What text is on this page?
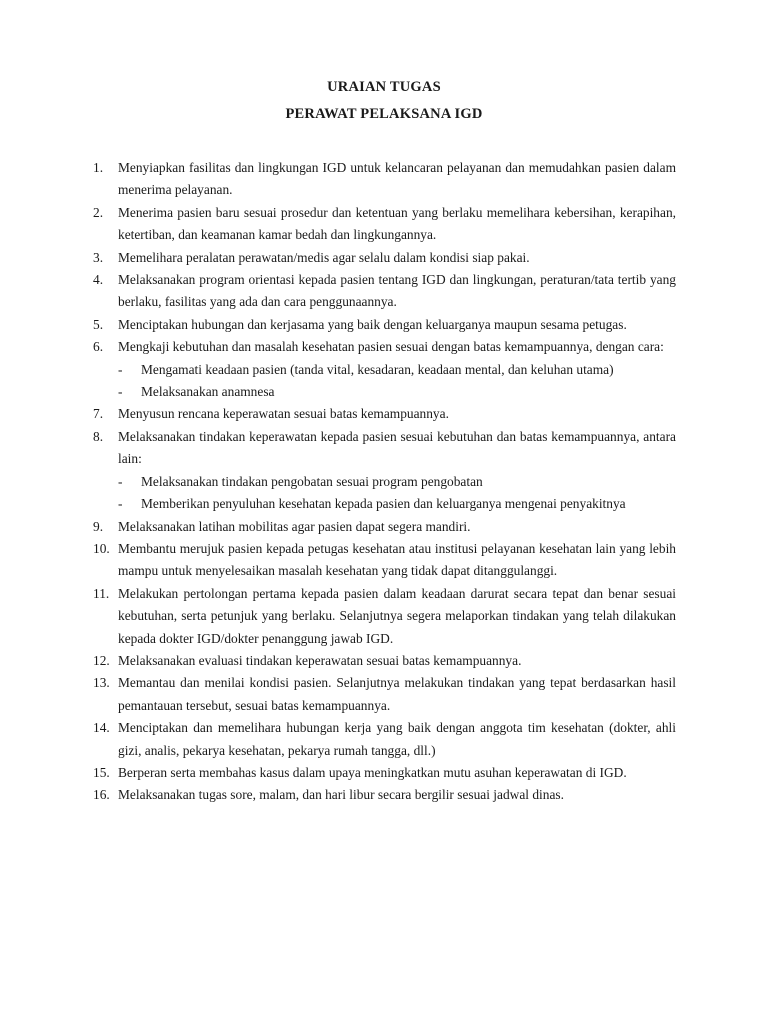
URAIAN TUGAS
PERAWAT PELAKSANA IGD
1.	Menyiapkan fasilitas dan lingkungan IGD untuk kelancaran pelayanan dan memudahkan pasien dalam menerima pelayanan.
2.	Menerima pasien baru sesuai prosedur dan ketentuan yang berlaku memelihara kebersihan, kerapihan, ketertiban, dan keamanan kamar bedah dan lingkungannya.
3.	Memelihara peralatan perawatan/medis agar selalu dalam kondisi siap pakai.
4.	Melaksanakan program orientasi kepada pasien tentang IGD dan lingkungan, peraturan/tata tertib yang berlaku, fasilitas yang ada dan cara penggunaannya.
5.	Menciptakan hubungan dan kerjasama yang baik dengan keluarganya maupun sesama petugas.
6.	Mengkaji kebutuhan dan masalah kesehatan pasien sesuai dengan batas kemampuannya, dengan cara:
- Mengamati keadaan pasien (tanda vital, kesadaran, keadaan mental, dan keluhan utama)
- Melaksanakan anamnesa
7.	Menyusun rencana keperawatan sesuai batas kemampuannya.
8.	Melaksanakan tindakan keperawatan kepada pasien sesuai kebutuhan dan batas kemampuannya, antara lain:
- Melaksanakan tindakan pengobatan sesuai program pengobatan
- Memberikan penyuluhan kesehatan kepada pasien dan keluarganya mengenai penyakitnya
9.	Melaksanakan latihan mobilitas agar pasien dapat segera mandiri.
10. Membantu merujuk pasien kepada petugas kesehatan atau institusi pelayanan kesehatan lain yang lebih mampu untuk menyelesaikan masalah kesehatan yang tidak dapat ditanggulanggi.
11. Melakukan pertolongan pertama kepada pasien dalam keadaan darurat secara tepat dan benar sesuai kebutuhan, serta petunjuk yang berlaku. Selanjutnya segera melaporkan tindakan yang telah dilakukan kepada dokter IGD/dokter penanggung jawab IGD.
12. Melaksanakan evaluasi tindakan keperawatan sesuai batas kemampuannya.
13. Memantau dan menilai kondisi pasien. Selanjutnya melakukan tindakan yang tepat berdasarkan hasil pemantauan tersebut, sesuai batas kemampuannya.
14. Menciptakan dan memelihara hubungan kerja yang baik dengan anggota tim kesehatan (dokter, ahli gizi, analis, pekarya kesehatan, pekarya rumah tangga, dll.)
15. Berperan serta membahas kasus dalam upaya meningkatkan mutu asuhan keperawatan di IGD.
16. Melaksanakan tugas sore, malam, dan hari libur secara bergilir sesuai jadwal dinas.
